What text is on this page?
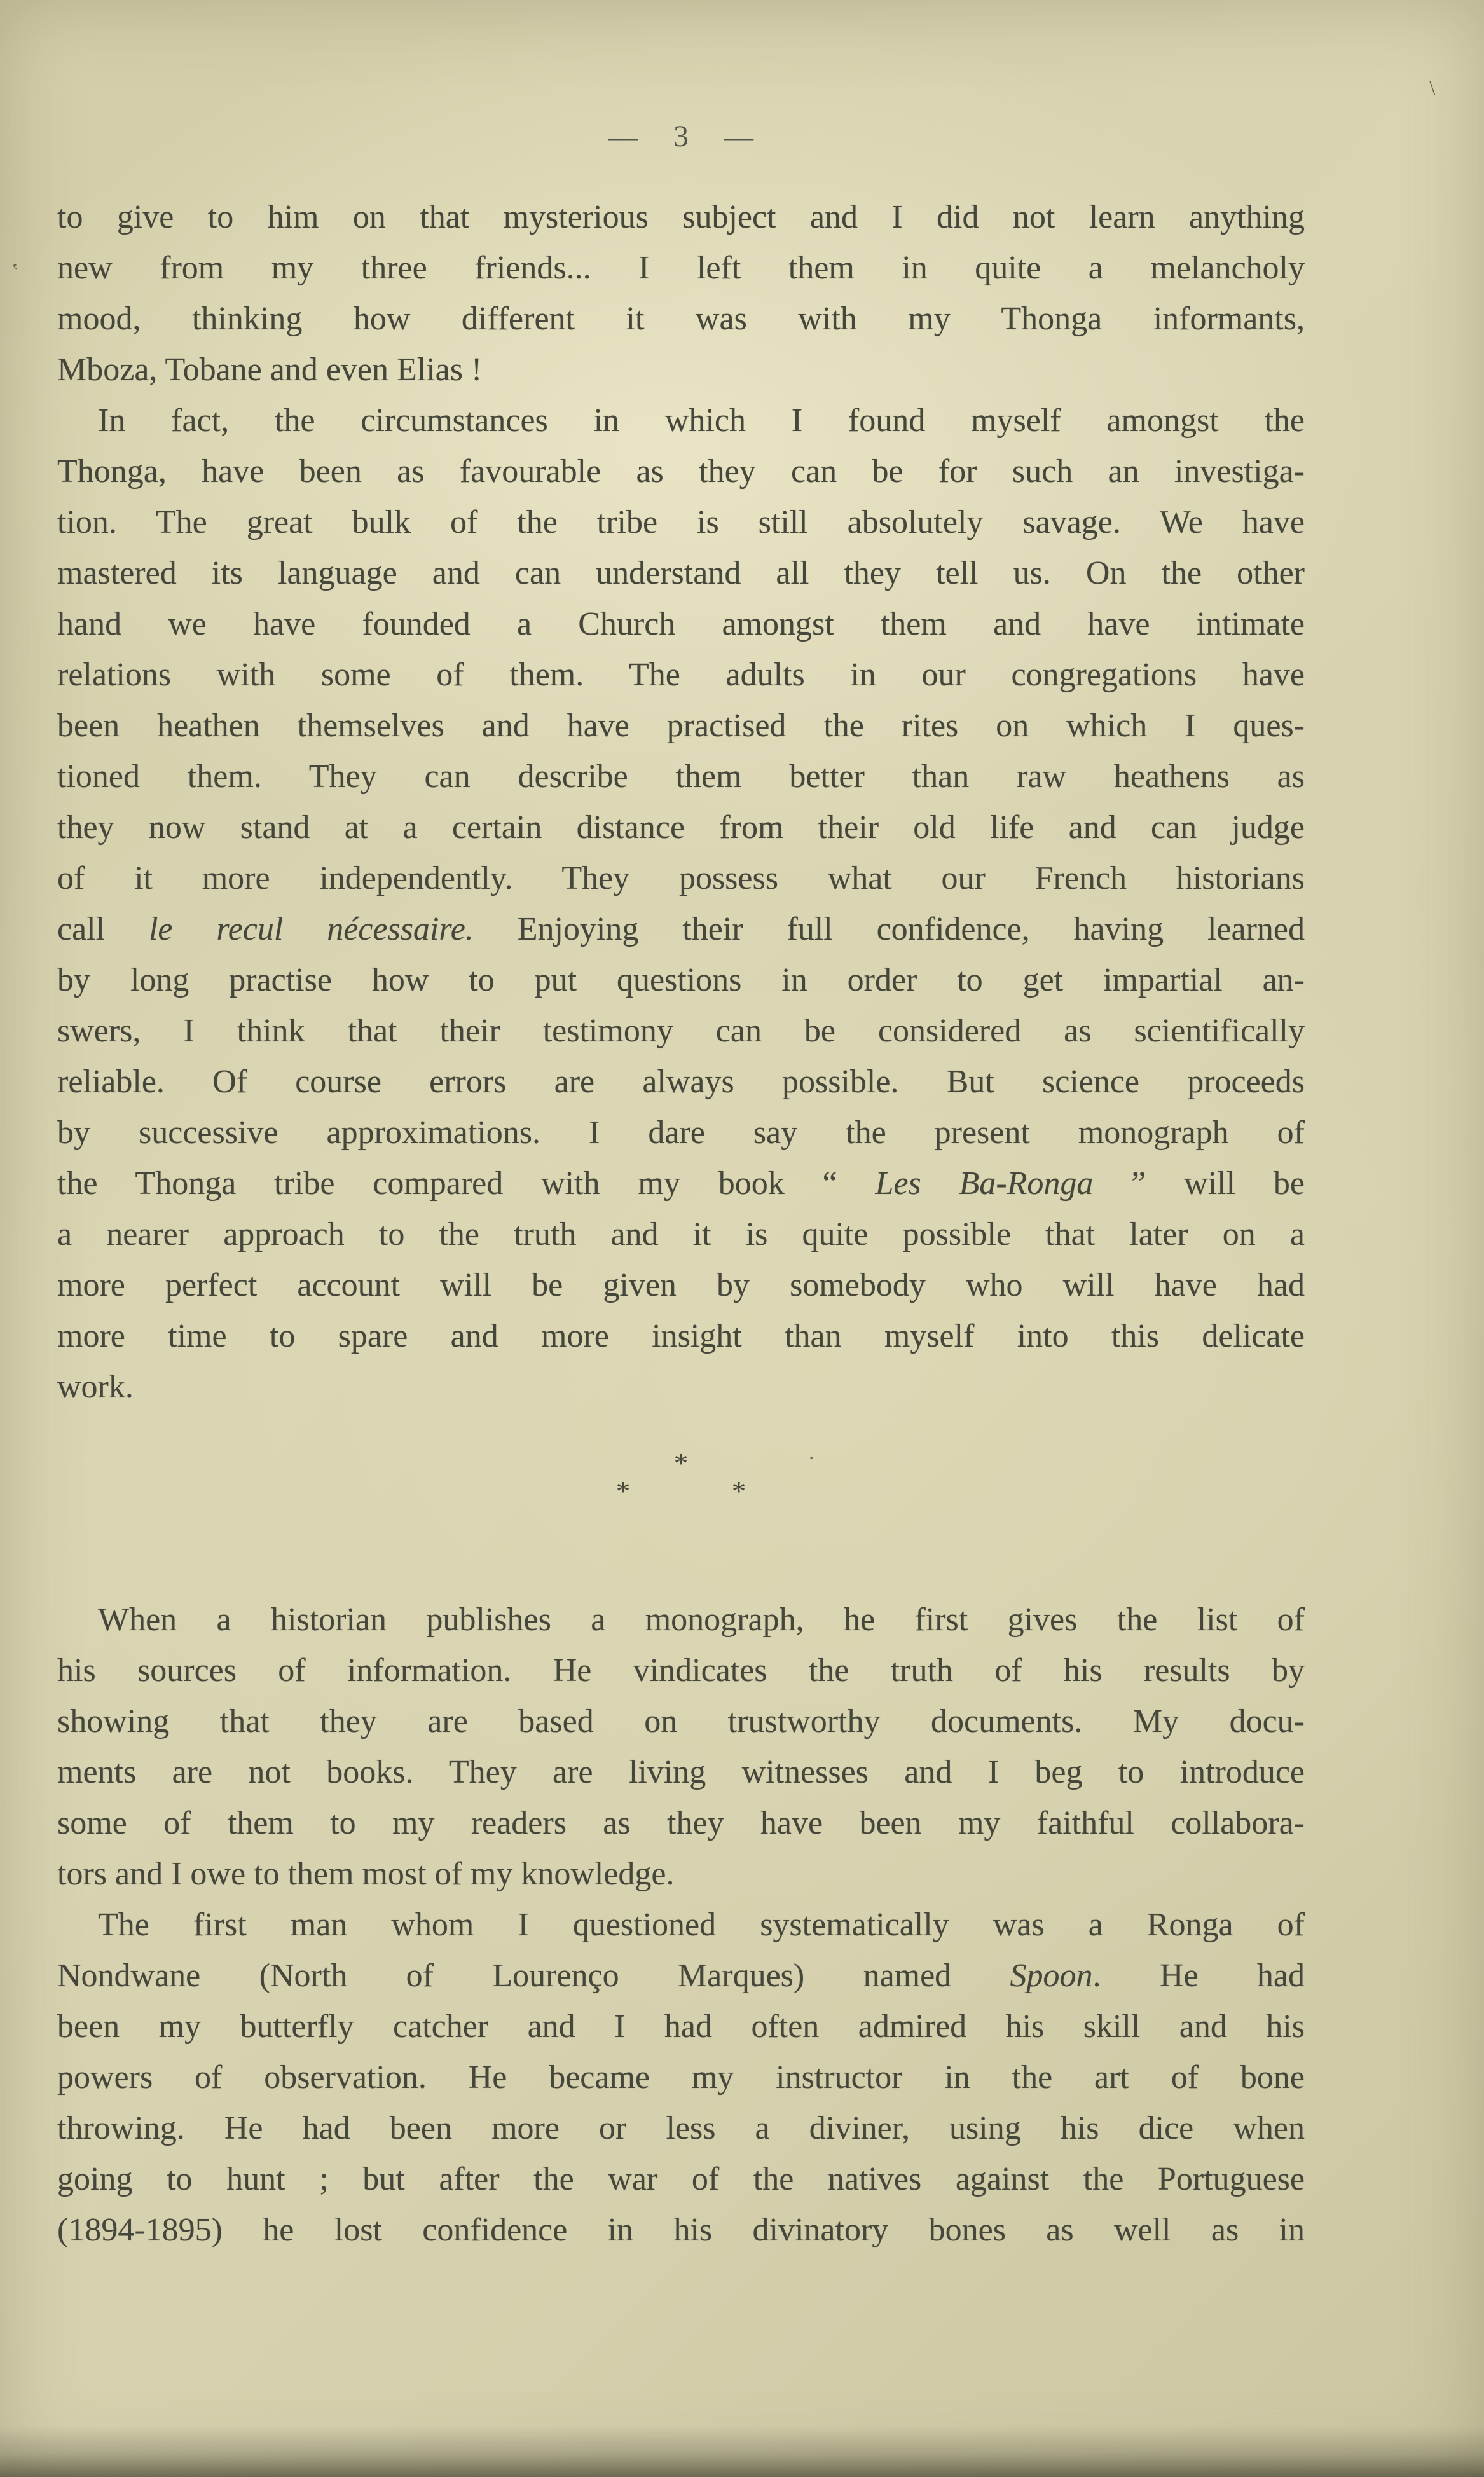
— 3 —
to give to him on that mysterious subject and I did not learn anything
new from my three friends... I left them in quite a melancholy
mood, thinking how different it was with my Thonga informants,
Mboza, Tobane and even Elias !
In fact, the circumstances in which I found myself amongst the
Thonga, have been as favourable as they can be for such an investiga-
tion. The great bulk of the tribe is still absolutely savage. We have
mastered its language and can understand all they tell us. On the other
hand we have founded a Church amongst them and have intimate
relations with some of them. The adults in our congregations have
been heathen themselves and have practised the rites on which I ques-
tioned them. They can describe them better than raw heathens as
they now stand at a certain distance from their old life and can judge
of it more independently. They possess what our French historians
call le recul nécessaire. Enjoying their full confidence, having learned
by long practise how to put questions in order to get impartial an-
swers, I think that their testimony can be considered as scientifically
reliable. Of course errors are always possible. But science proceeds
by successive approximations. I dare say the present monograph of
the Thonga tribe compared with my book “ Les Ba-Ronga ” will be
a nearer approach to the truth and it is quite possible that later on a
more perfect account will be given by somebody who will have had
more time to spare and more insight than myself into this delicate
work.
*
*	*
When a historian publishes a monograph, he first gives the list of
his sources of information. He vindicates the truth of his results by
showing that they are based on trustworthy documents. My docu-
ments are not books. They are living witnesses and I beg to introduce
some of them to my readers as they have been my faithful collabora-
tors and I owe to them most of my knowledge.
The first man whom I questioned systematically was a Ronga of
Nondwane (North of Lourenço Marques) named Spoon. He had
been my butterfly catcher and I had often admired his skill and his
powers of observation. He became my instructor in the art of bone
throwing. He had been more or less a diviner, using his dice when
going to hunt ; but after the war of the natives against the Portuguese
(1894-1895) he lost confidence in his divinatory bones as well as in
\
‛
.
